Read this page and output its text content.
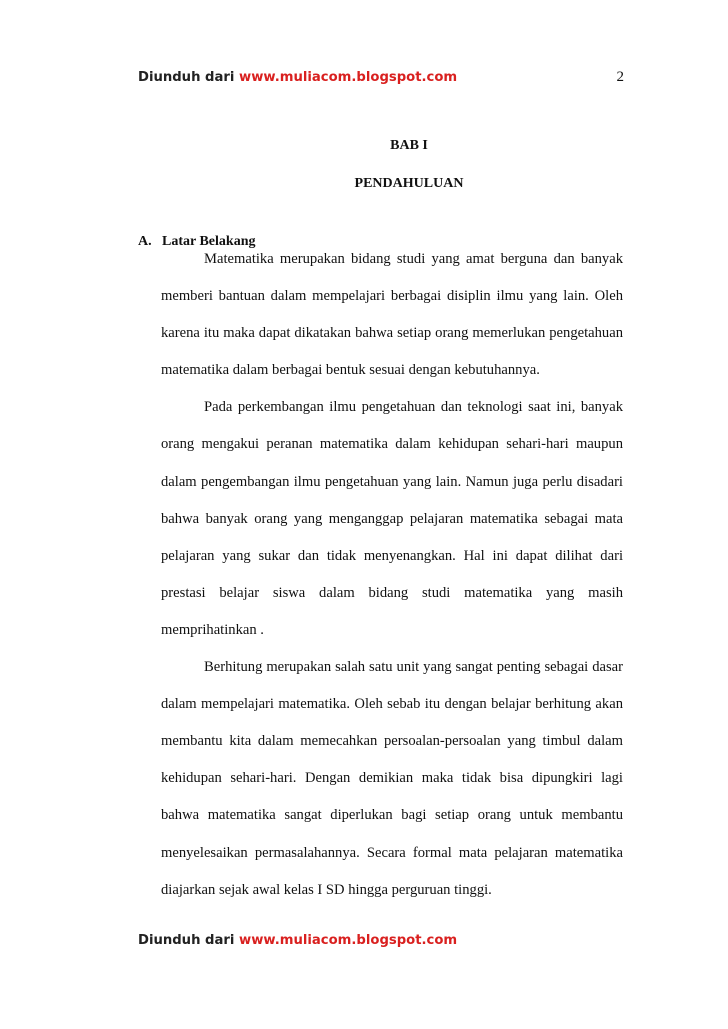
Diunduh dari www.muliacom.blogspot.com	2
BAB I
PENDAHULUAN
A. Latar Belakang

Matematika merupakan bidang studi yang amat berguna dan banyak memberi bantuan dalam mempelajari berbagai disiplin ilmu yang lain. Oleh karena itu maka dapat dikatakan bahwa setiap orang memerlukan pengetahuan matematika dalam berbagai bentuk sesuai dengan kebutuhannya.

Pada perkembangan ilmu pengetahuan dan teknologi saat ini, banyak orang mengakui peranan matematika dalam kehidupan sehari-hari maupun dalam pengembangan ilmu pengetahuan yang lain. Namun juga perlu disadari bahwa banyak orang yang menganggap pelajaran matematika sebagai mata pelajaran yang sukar dan tidak menyenangkan. Hal ini dapat dilihat dari prestasi belajar siswa dalam bidang studi matematika yang masih memprihatinkan .

Berhitung merupakan salah satu unit yang sangat penting sebagai dasar dalam mempelajari matematika. Oleh sebab itu dengan belajar berhitung akan membantu kita dalam memecahkan persoalan-persoalan yang timbul dalam kehidupan sehari-hari. Dengan demikian maka tidak bisa dipungkiri lagi bahwa matematika sangat diperlukan bagi setiap orang untuk membantu menyelesaikan permasalahannya. Secara formal mata pelajaran matematika diajarkan sejak awal kelas I SD hingga perguruan tinggi.

Diunduh dari www.muliacom.blogspot.com
